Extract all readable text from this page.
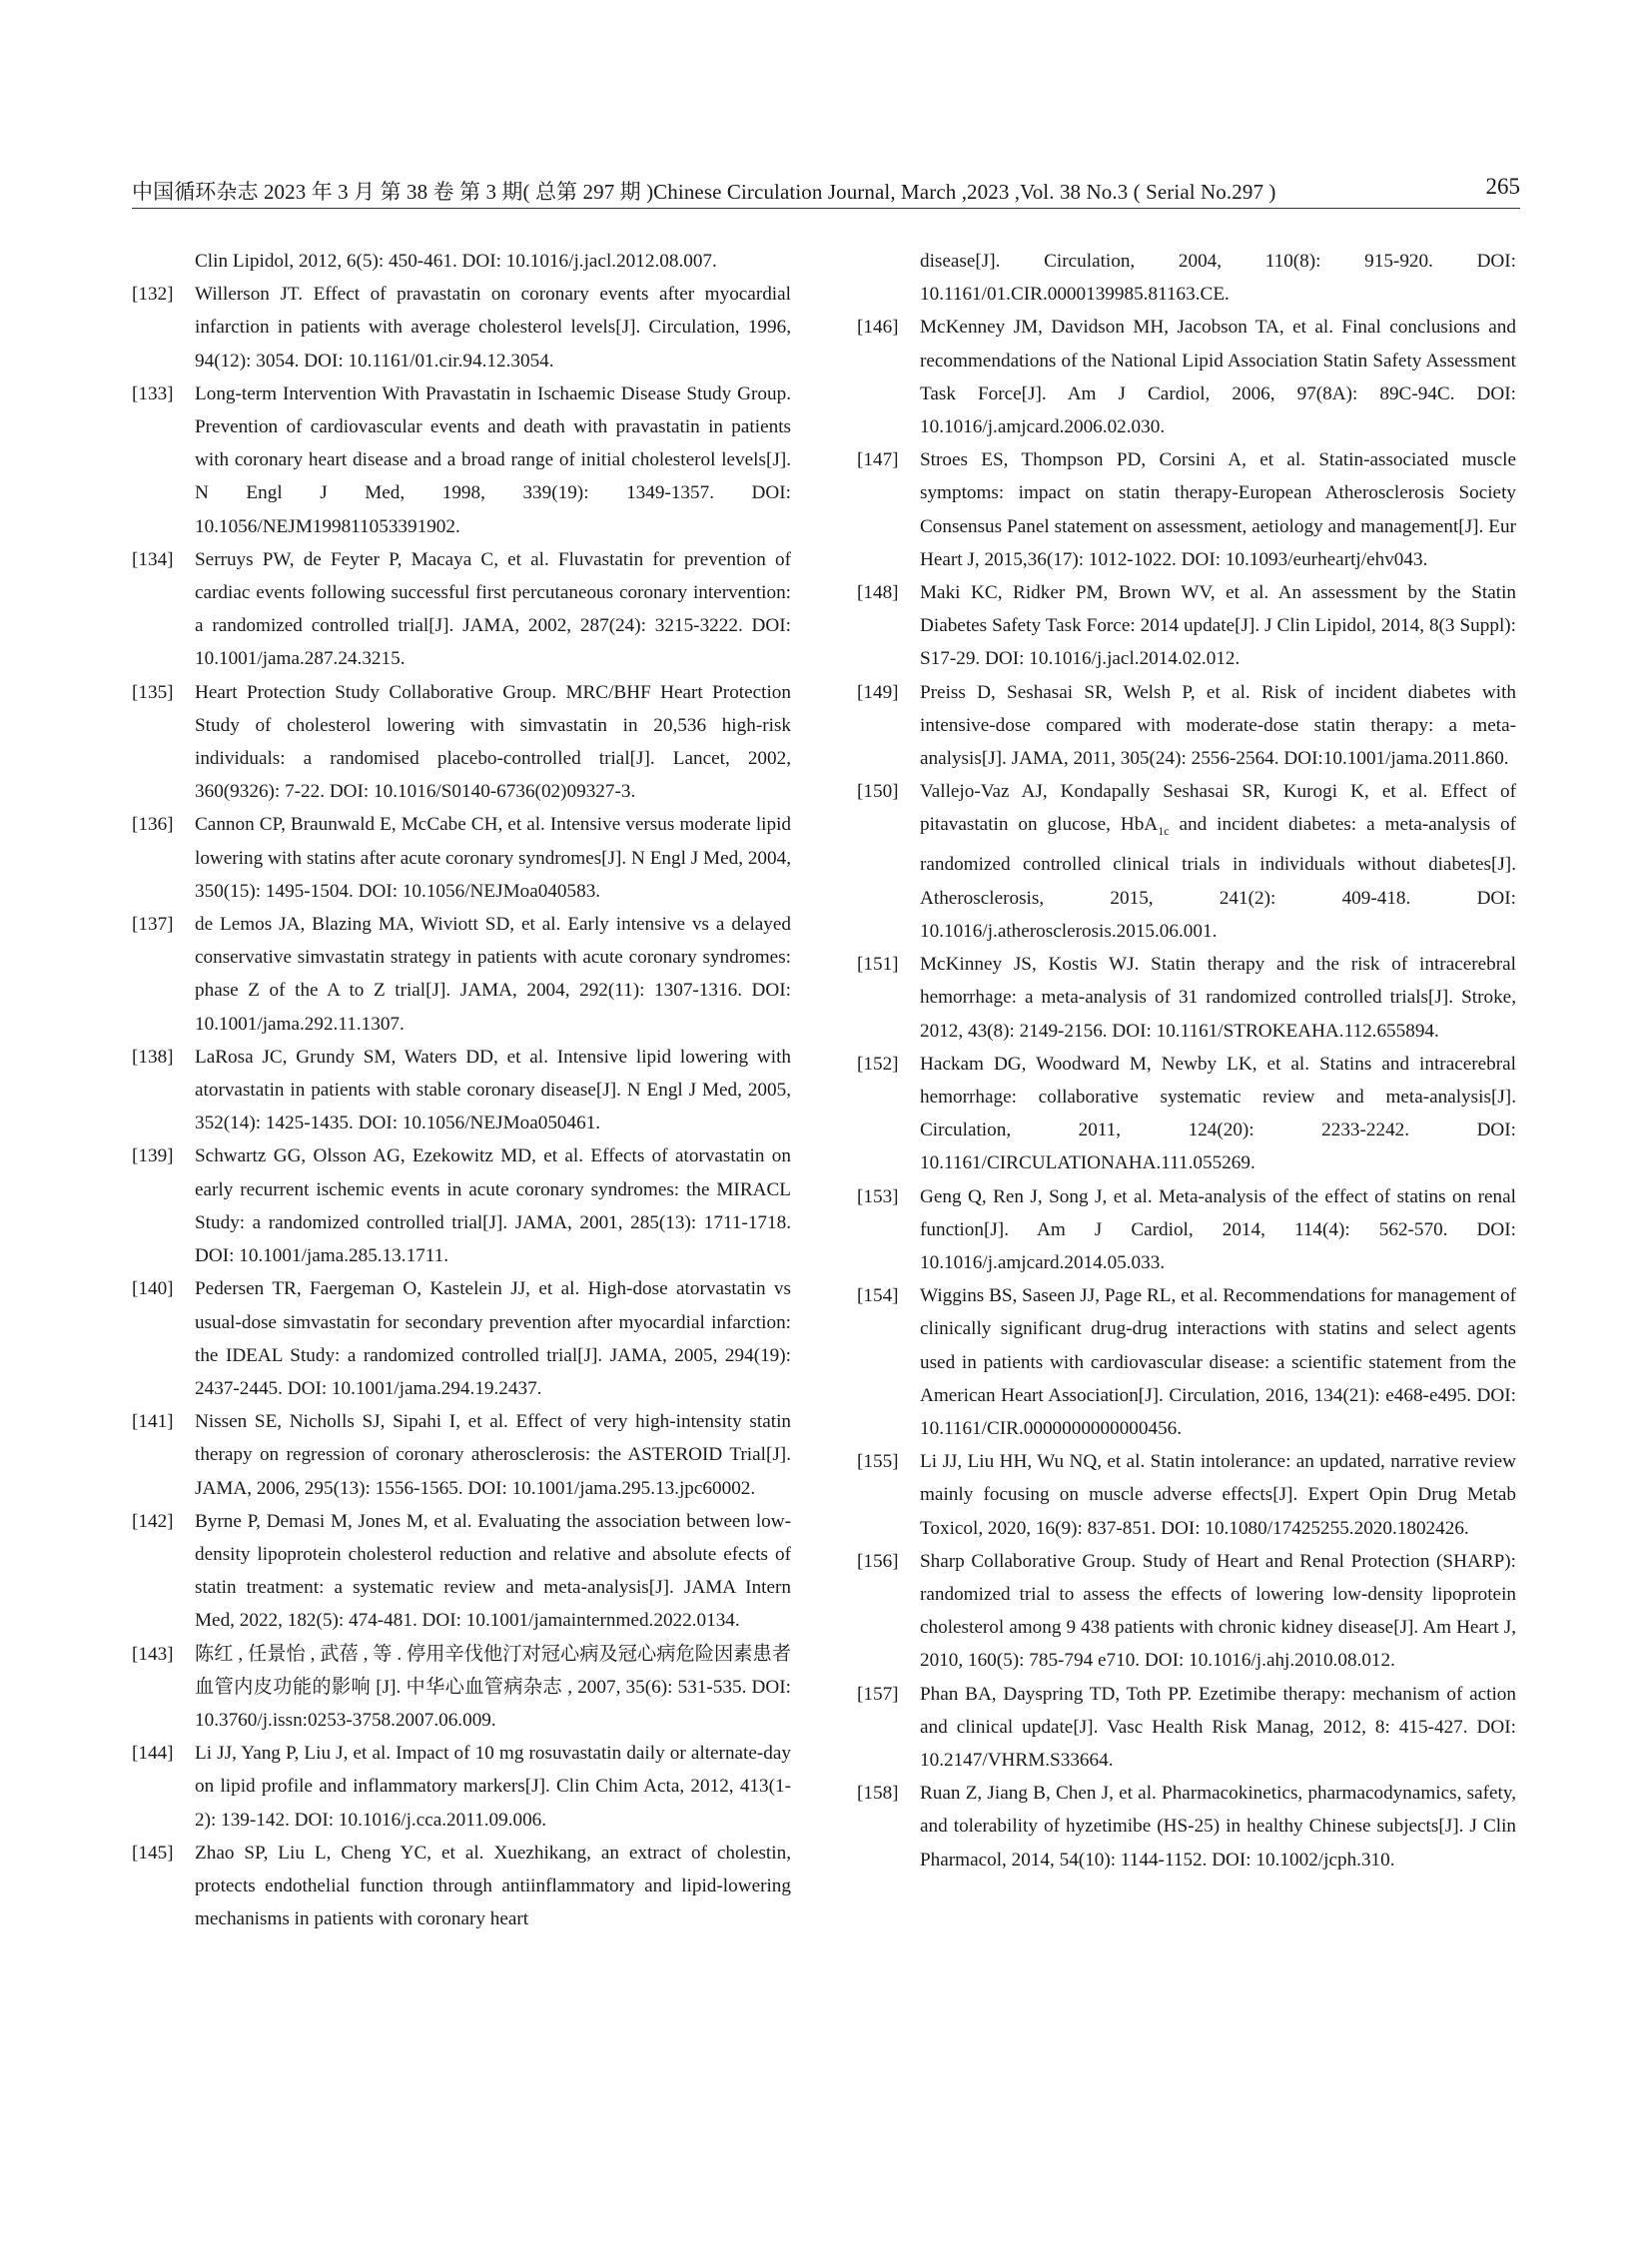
中国循环杂志 2023 年 3 月 第 38 卷 第 3 期( 总第 297 期 )Chinese Circulation Journal, March ,2023 ,Vol. 38 No.3 ( Serial No.297 )	265
Clin Lipidol, 2012, 6(5): 450-461. DOI: 10.1016/j.jacl.2012.08.007.
[132] Willerson JT. Effect of pravastatin on coronary events after myocardial infarction in patients with average cholesterol levels[J]. Circulation, 1996, 94(12): 3054. DOI: 10.1161/01.cir.94.12.3054.
[133] Long-term Intervention With Pravastatin in Ischaemic Disease Study Group. Prevention of cardiovascular events and death with pravastatin in patients with coronary heart disease and a broad range of initial cholesterol levels[J]. N Engl J Med, 1998, 339(19): 1349-1357. DOI: 10.1056/NEJM199811053391902.
[134] Serruys PW, de Feyter P, Macaya C, et al. Fluvastatin for prevention of cardiac events following successful first percutaneous coronary intervention: a randomized controlled trial[J]. JAMA, 2002, 287(24): 3215-3222. DOI: 10.1001/jama.287.24.3215.
[135] Heart Protection Study Collaborative Group. MRC/BHF Heart Protection Study of cholesterol lowering with simvastatin in 20,536 high-risk individuals: a randomised placebo-controlled trial[J]. Lancet, 2002, 360(9326): 7-22. DOI: 10.1016/S0140-6736(02)09327-3.
[136] Cannon CP, Braunwald E, McCabe CH, et al. Intensive versus moderate lipid lowering with statins after acute coronary syndromes[J]. N Engl J Med, 2004, 350(15): 1495-1504. DOI: 10.1056/NEJMoa040583.
[137] de Lemos JA, Blazing MA, Wiviott SD, et al. Early intensive vs a delayed conservative simvastatin strategy in patients with acute coronary syndromes: phase Z of the A to Z trial[J]. JAMA, 2004, 292(11): 1307-1316. DOI: 10.1001/jama.292.11.1307.
[138] LaRosa JC, Grundy SM, Waters DD, et al. Intensive lipid lowering with atorvastatin in patients with stable coronary disease[J]. N Engl J Med, 2005, 352(14): 1425-1435. DOI: 10.1056/NEJMoa050461.
[139] Schwartz GG, Olsson AG, Ezekowitz MD, et al. Effects of atorvastatin on early recurrent ischemic events in acute coronary syndromes: the MIRACL Study: a randomized controlled trial[J]. JAMA, 2001, 285(13): 1711-1718. DOI: 10.1001/jama.285.13.1711.
[140] Pedersen TR, Faergeman O, Kastelein JJ, et al. High-dose atorvastatin vs usual-dose simvastatin for secondary prevention after myocardial infarction: the IDEAL Study: a randomized controlled trial[J]. JAMA, 2005, 294(19): 2437-2445. DOI: 10.1001/jama.294.19.2437.
[141] Nissen SE, Nicholls SJ, Sipahi I, et al. Effect of very high-intensity statin therapy on regression of coronary atherosclerosis: the ASTEROID Trial[J]. JAMA, 2006, 295(13): 1556-1565. DOI: 10.1001/jama.295.13.jpc60002.
[142] Byrne P, Demasi M, Jones M, et al. Evaluating the association between low-density lipoprotein cholesterol reduction and relative and absolute efects of statin treatment: a systematic review and meta-analysis[J]. JAMA Intern Med, 2022, 182(5): 474-481. DOI: 10.1001/jamainternmed.2022.0134.
[143] 陈红 , 任景怡 , 武蓓 , 等 . 停用辛伐他汀对冠心病及冠心病危险因素患者血管内皮功能的影响 [J]. 中华心血管病杂志 , 2007, 35(6): 531-535. DOI: 10.3760/j.issn:0253-3758.2007.06.009.
[144] Li JJ, Yang P, Liu J, et al. Impact of 10 mg rosuvastatin daily or alternate-day on lipid profile and inflammatory markers[J]. Clin Chim Acta, 2012, 413(1-2): 139-142. DOI: 10.1016/j.cca.2011.09.006.
[145] Zhao SP, Liu L, Cheng YC, et al. Xuezhikang, an extract of cholestin, protects endothelial function through antiinflammatory and lipid-lowering mechanisms in patients with coronary heart
disease[J]. Circulation, 2004, 110(8): 915-920. DOI: 10.1161/01.CIR.0000139985.81163.CE.
[146] McKenney JM, Davidson MH, Jacobson TA, et al. Final conclusions and recommendations of the National Lipid Association Statin Safety Assessment Task Force[J]. Am J Cardiol, 2006, 97(8A): 89C-94C. DOI: 10.1016/j.amjcard.2006.02.030.
[147] Stroes ES, Thompson PD, Corsini A, et al. Statin-associated muscle symptoms: impact on statin therapy-European Atherosclerosis Society Consensus Panel statement on assessment, aetiology and management[J]. Eur Heart J, 2015,36(17): 1012-1022. DOI: 10.1093/eurheartj/ehv043.
[148] Maki KC, Ridker PM, Brown WV, et al. An assessment by the Statin Diabetes Safety Task Force: 2014 update[J]. J Clin Lipidol, 2014, 8(3 Suppl): S17-29. DOI: 10.1016/j.jacl.2014.02.012.
[149] Preiss D, Seshasai SR, Welsh P, et al. Risk of incident diabetes with intensive-dose compared with moderate-dose statin therapy: a meta-analysis[J]. JAMA, 2011, 305(24): 2556-2564. DOI:10.1001/jama.2011.860.
[150] Vallejo-Vaz AJ, Kondapally Seshasai SR, Kurogi K, et al. Effect of pitavastatin on glucose, HbA$_{1c}$ and incident diabetes: a meta-analysis of randomized controlled clinical trials in individuals without diabetes[J]. Atherosclerosis, 2015, 241(2): 409-418. DOI: 10.1016/j.atherosclerosis.2015.06.001.
[151] McKinney JS, Kostis WJ. Statin therapy and the risk of intracerebral hemorrhage: a meta-analysis of 31 randomized controlled trials[J]. Stroke, 2012, 43(8): 2149-2156. DOI: 10.1161/STROKEAHA.112.655894.
[152] Hackam DG, Woodward M, Newby LK, et al. Statins and intracerebral hemorrhage: collaborative systematic review and meta-analysis[J]. Circulation, 2011, 124(20): 2233-2242. DOI: 10.1161/CIRCULATIONAHA.111.055269.
[153] Geng Q, Ren J, Song J, et al. Meta-analysis of the effect of statins on renal function[J]. Am J Cardiol, 2014, 114(4): 562-570. DOI: 10.1016/j.amjcard.2014.05.033.
[154] Wiggins BS, Saseen JJ, Page RL, et al. Recommendations for management of clinically significant drug-drug interactions with statins and select agents used in patients with cardiovascular disease: a scientific statement from the American Heart Association[J]. Circulation, 2016, 134(21): e468-e495. DOI: 10.1161/CIR.0000000000000456.
[155] Li JJ, Liu HH, Wu NQ, et al. Statin intolerance: an updated, narrative review mainly focusing on muscle adverse effects[J]. Expert Opin Drug Metab Toxicol, 2020, 16(9): 837-851. DOI: 10.1080/17425255.2020.1802426.
[156] Sharp Collaborative Group. Study of Heart and Renal Protection (SHARP): randomized trial to assess the effects of lowering low-density lipoprotein cholesterol among 9 438 patients with chronic kidney disease[J]. Am Heart J, 2010, 160(5): 785-794 e710. DOI: 10.1016/j.ahj.2010.08.012.
[157] Phan BA, Dayspring TD, Toth PP. Ezetimibe therapy: mechanism of action and clinical update[J]. Vasc Health Risk Manag, 2012, 8: 415-427. DOI: 10.2147/VHRM.S33664.
[158] Ruan Z, Jiang B, Chen J, et al. Pharmacokinetics, pharmacodynamics, safety, and tolerability of hyzetimibe (HS-25) in healthy Chinese subjects[J]. J Clin Pharmacol, 2014, 54(10): 1144-1152. DOI: 10.1002/jcph.310.
